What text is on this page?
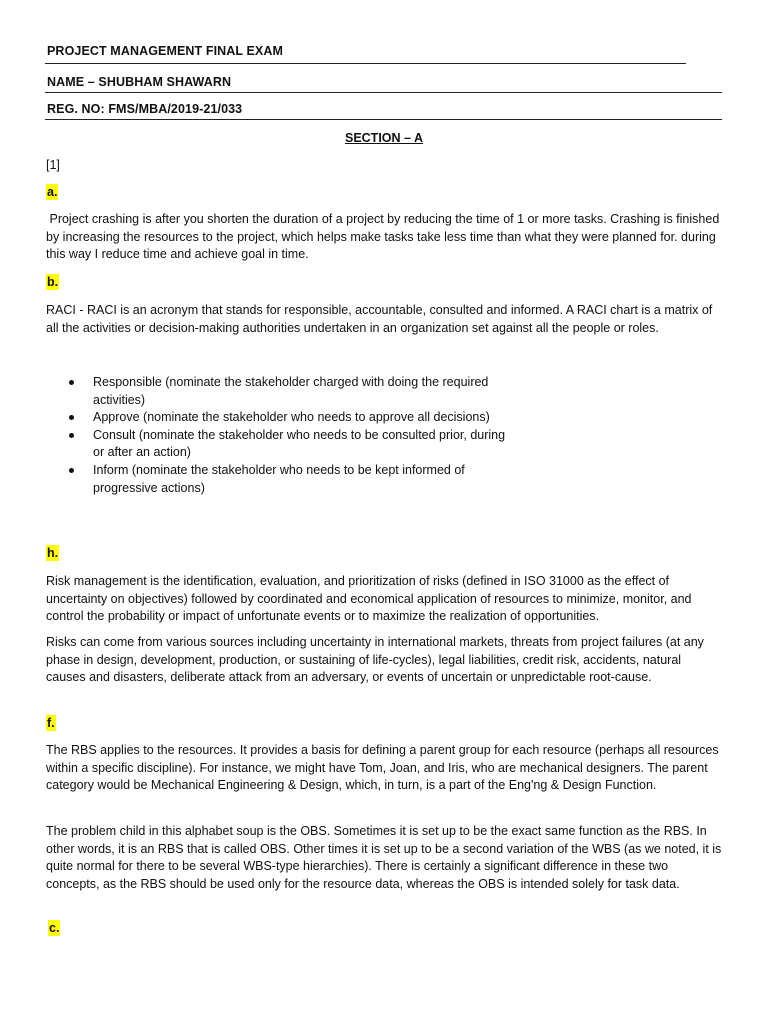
PROJECT MANAGEMENT FINAL EXAM
NAME – SHUBHAM SHAWARN
REG. NO: FMS/MBA/2019-21/033
SECTION – A
[1]
a.
Project crashing is after you shorten the duration of a project by reducing the time of 1 or more tasks. Crashing is finished by increasing the resources to the project, which helps make tasks take less time than what they were planned for. during this way I reduce time and achieve goal in time.
b.
RACI - RACI is an acronym that stands for responsible, accountable, consulted and informed. A RACI chart is a matrix of all the activities or decision-making authorities undertaken in an organization set against all the people or roles.
Responsible (nominate the stakeholder charged with doing the required activities)
Approve (nominate the stakeholder who needs to approve all decisions)
Consult (nominate the stakeholder who needs to be consulted prior, during or after an action)
Inform (nominate the stakeholder who needs to be kept informed of progressive actions)
h.
Risk management is the identification, evaluation, and prioritization of risks (defined in ISO 31000 as the effect of uncertainty on objectives) followed by coordinated and economical application of resources to minimize, monitor, and control the probability or impact of unfortunate events or to maximize the realization of opportunities.
Risks can come from various sources including uncertainty in international markets, threats from project failures (at any phase in design, development, production, or sustaining of life-cycles), legal liabilities, credit risk, accidents, natural causes and disasters, deliberate attack from an adversary, or events of uncertain or unpredictable root-cause.
f.
The RBS applies to the resources. It provides a basis for defining a parent group for each resource (perhaps all resources within a specific discipline). For instance, we might have Tom, Joan, and Iris, who are mechanical designers. The parent category would be Mechanical Engineering & Design, which, in turn, is a part of the Eng'ng & Design Function.
The problem child in this alphabet soup is the OBS. Sometimes it is set up to be the exact same function as the RBS. In other words, it is an RBS that is called OBS. Other times it is set up to be a second variation of the WBS (as we noted, it is quite normal for there to be several WBS-type hierarchies). There is certainly a significant difference in these two concepts, as the RBS should be used only for the resource data, whereas the OBS is intended solely for task data.
c.
